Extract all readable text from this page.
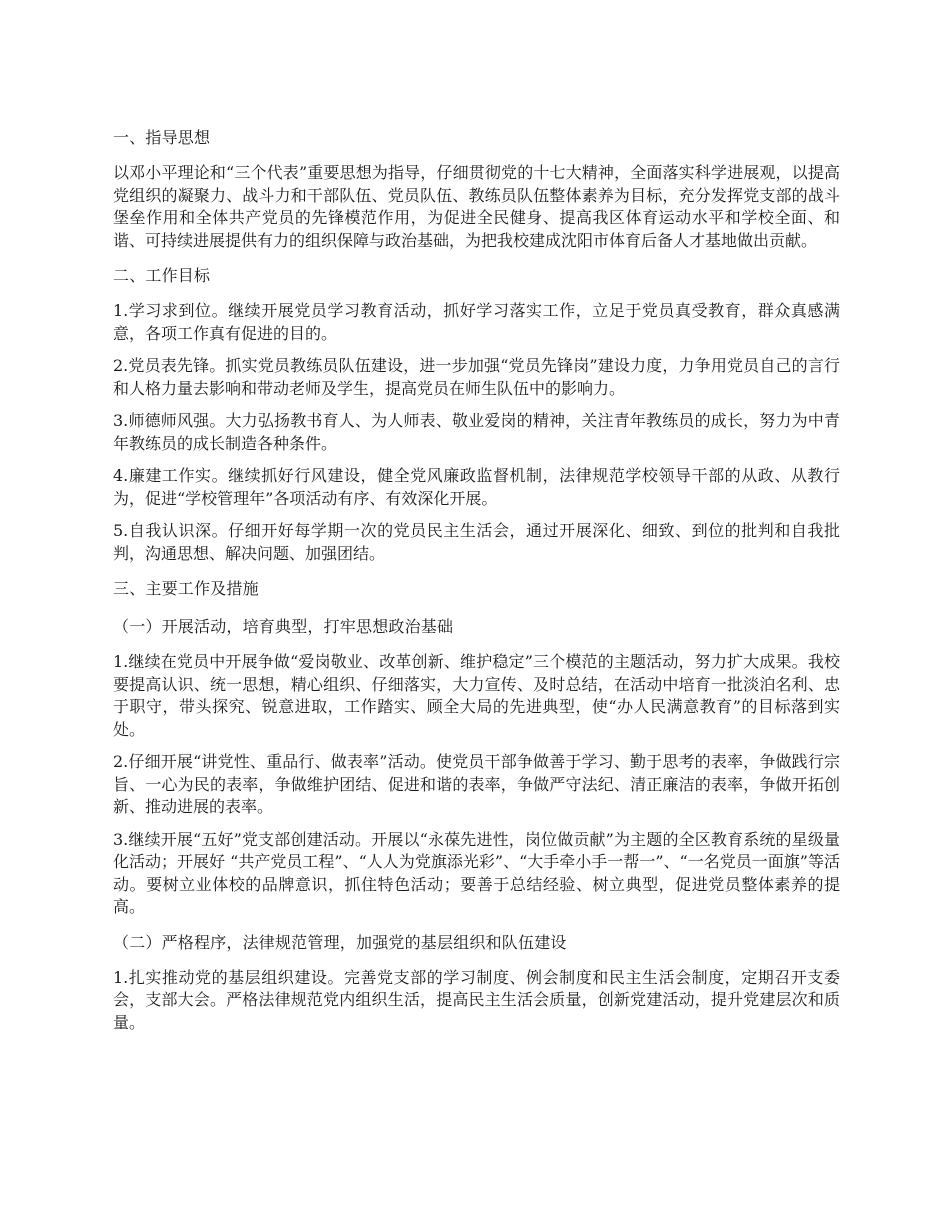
一、指导思想

以邓小平理论和“三个代表”重要思想为指导，仔细贯彻党的十七大精神，全面落实科学进展观，以提高党组织的凝聚力、战斗力和干部队伍、党员队伍、教练员队伍整体素养为目标，充分发挥党支部的战斗堡垒作用和全体共产党员的先锋模范作用，为促进全民健身、提高我区体育运动水平和学校全面、和谐、可持续进展提供有力的组织保障与政治基础，为把我校建成沈阳市体育后备人才基地做出贡献。

二、工作目标

1.学习求到位。继续开展党员学习教育活动，抓好学习落实工作，立足于党员真受教育，群众真感满意，各项工作真有促进的目的。

2.党员表先锋。抓实党员教练员队伍建设，进一步加强“党员先锋岗”建设力度，力争用党员自己的言行和人格力量去影响和带动老师及学生，提高党员在师生队伍中的影响力。

3.师德师风强。大力弘扬教书育人、为人师表、敬业爱岗的精神，关注青年教练员的成长，努力为中青年教练员的成长制造各种条件。

4.廉建工作实。继续抓好行风建设，健全党风廉政监督机制，法律规范学校领导干部的从政、从教行为，促进“学校管理年”各项活动有序、有效深化开展。

5.自我认识深。仔细开好每学期一次的党员民主生活会，通过开展深化、细致、到位的批判和自我批判，沟通思想、解决问题、加强团结。

三、主要工作及措施

（一）开展活动，培育典型，打牢思想政治基础

1.继续在党员中开展争做“爱岗敬业、改革创新、维护稳定”三个模范的主题活动，努力扩大成果。我校要提高认识、统一思想，精心组织、仔细落实，大力宣传、及时总结，在活动中培育一批淡泊名利、忠于职守，带头探究、锐意进取，工作踏实、顾全大局的先进典型，使“办人民满意教育”的目标落到实处。

2.仔细开展“讲党性、重品行、做表率”活动。使党员干部争做善于学习、勤于思考的表率，争做践行宗旨、一心为民的表率，争做维护团结、促进和谐的表率，争做严守法纪、清正廉洁的表率，争做开拓创新、推动进展的表率。

3.继续开展“五好”党支部创建活动。开展以“永葆先进性，岗位做贡献”为主题的全区教育系统的星级量化活动；开展好 “共产党员工程”、“人人为党旗添光彩”、“大手牵小手一帮一”、“一名党员一面旗”等活动。要树立业体校的品牌意识，抓住特色活动；要善于总结经验、树立典型，促进党员整体素养的提高。

（二）严格程序，法律规范管理，加强党的基层组织和队伍建设

1.扎实推动党的基层组织建设。完善党支部的学习制度、例会制度和民主生活会制度，定期召开支委会，支部大会。严格法律规范党内组织生活，提高民主生活会质量，创新党建活动，提升党建层次和质量。
